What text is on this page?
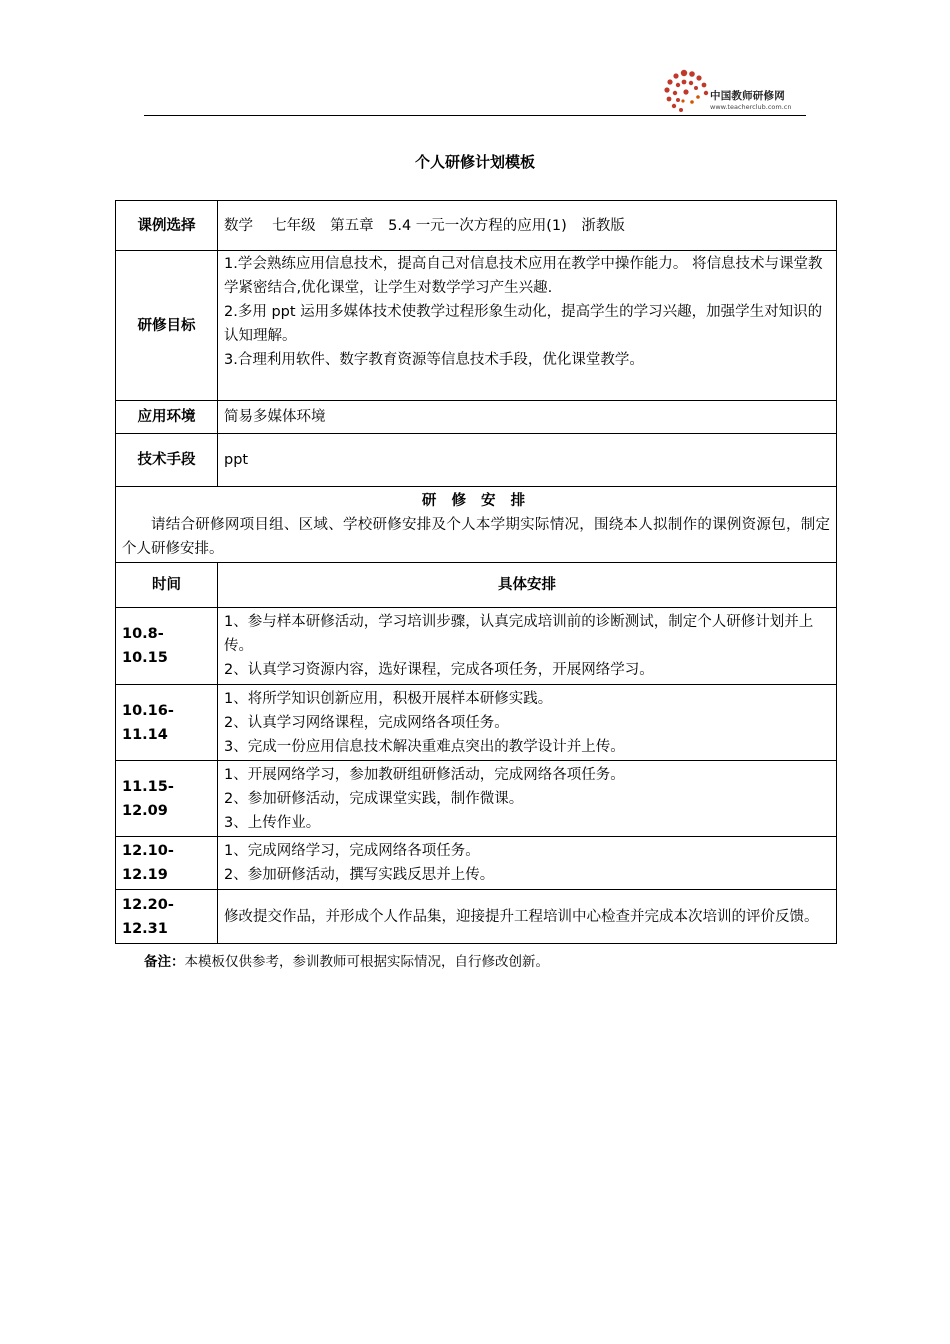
中国教师研修网
www.teacherclub.com.cn
个人研修计划模板
课例选择	数学　 七年级　第五章　5.4 一元一次方程的应用(1)　浙教版
研修目标	1.学会熟练应用信息技术，提高自己对信息技术应用在教学中操作能力。 将信息技术与课堂教学紧密结合,优化课堂，让学生对数学学习产生兴趣.
2.多用 ppt 运用多媒体技术使教学过程形象生动化，提高学生的学习兴趣，加强学生对知识的认知理解。
3.合理利用软件、数字教育资源等信息技术手段，优化课堂教学。

应用环境	简易多媒体环境
技术手段	ppt

研 修 安 排
请结合研修网项目组、区域、学校研修安排及个人本学期实际情况，围绕本人拟制作的课例资源包，制定个人研修安排。	

时间	具体安排

10.8-
10.15	1、参与样本研修活动，学习培训步骤，认真完成培训前的诊断测试，制定个人研修计划并上传。
2、认真学习资源内容，选好课程，完成各项任务，开展网络学习。

10.16-
11.14	1、将所学知识创新应用，积极开展样本研修实践。
2、认真学习网络课程，完成网络各项任务。
3、完成一份应用信息技术解决重难点突出的教学设计并上传。

11.15-
12.09	1、开展网络学习，参加教研组研修活动，完成网络各项任务。
2、参加研修活动，完成课堂实践，制作微课。
3、上传作业。

12.10-
12.19	1、完成网络学习，完成网络各项任务。
2、参加研修活动，撰写实践反思并上传。

12.20-
12.31	修改提交作品，并形成个人作品集，迎接提升工程培训中心检查并完成本次培训的评价反馈。
备注：本模板仅供参考，参训教师可根据实际情况，自行修改创新。
